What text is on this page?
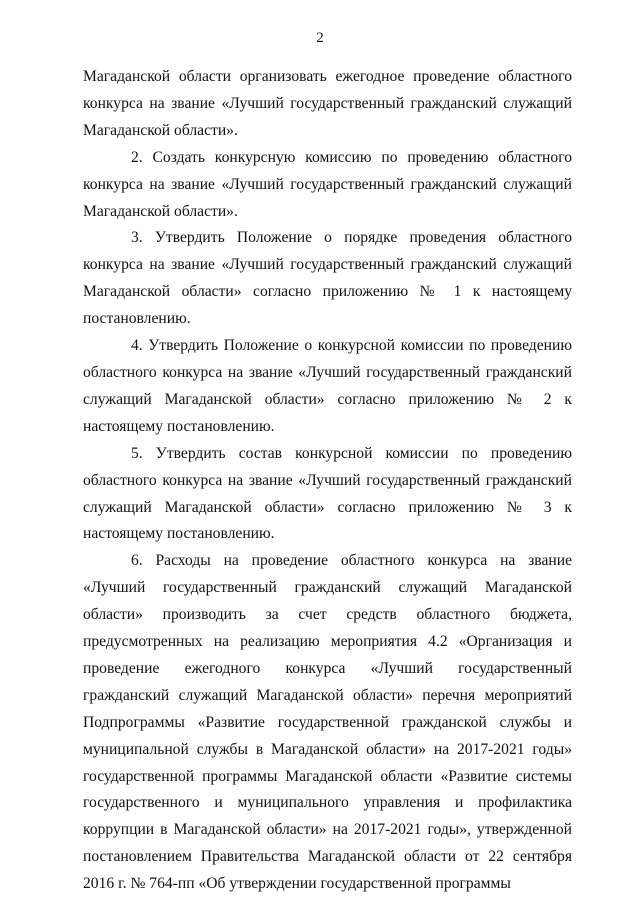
2

Магаданской области организовать ежегодное проведение областного конкурса на звание «Лучший государственный гражданский служащий Магаданской области».

2. Создать конкурсную комиссию по проведению областного конкурса на звание «Лучший государственный гражданский служащий Магаданской области».

3. Утвердить Положение о порядке проведения областного конкурса на звание «Лучший государственный гражданский служащий Магаданской области» согласно приложению № 1 к настоящему постановлению.

4. Утвердить Положение о конкурсной комиссии по проведению областного конкурса на звание «Лучший государственный гражданский служащий Магаданской области» согласно приложению № 2 к настоящему постановлению.

5. Утвердить состав конкурсной комиссии по проведению областного конкурса на звание «Лучший государственный гражданский служащий Магаданской области» согласно приложению № 3 к настоящему постановлению.

6. Расходы на проведение областного конкурса на звание «Лучший государственный гражданский служащий Магаданской области» производить за счет средств областного бюджета, предусмотренных на реализацию мероприятия 4.2 «Организация и проведение ежегодного конкурса «Лучший государственный гражданский служащий Магаданской области» перечня мероприятий Подпрограммы «Развитие государственной гражданской службы и муниципальной службы в Магаданской области» на 2017-2021 годы» государственной программы Магаданской области «Развитие системы государственного и муниципального управления и профилактика коррупции в Магаданской области» на 2017-2021 годы», утвержденной постановлением Правительства Магаданской области от 22 сентября 2016 г. № 764-пп «Об утверждении государственной программы
